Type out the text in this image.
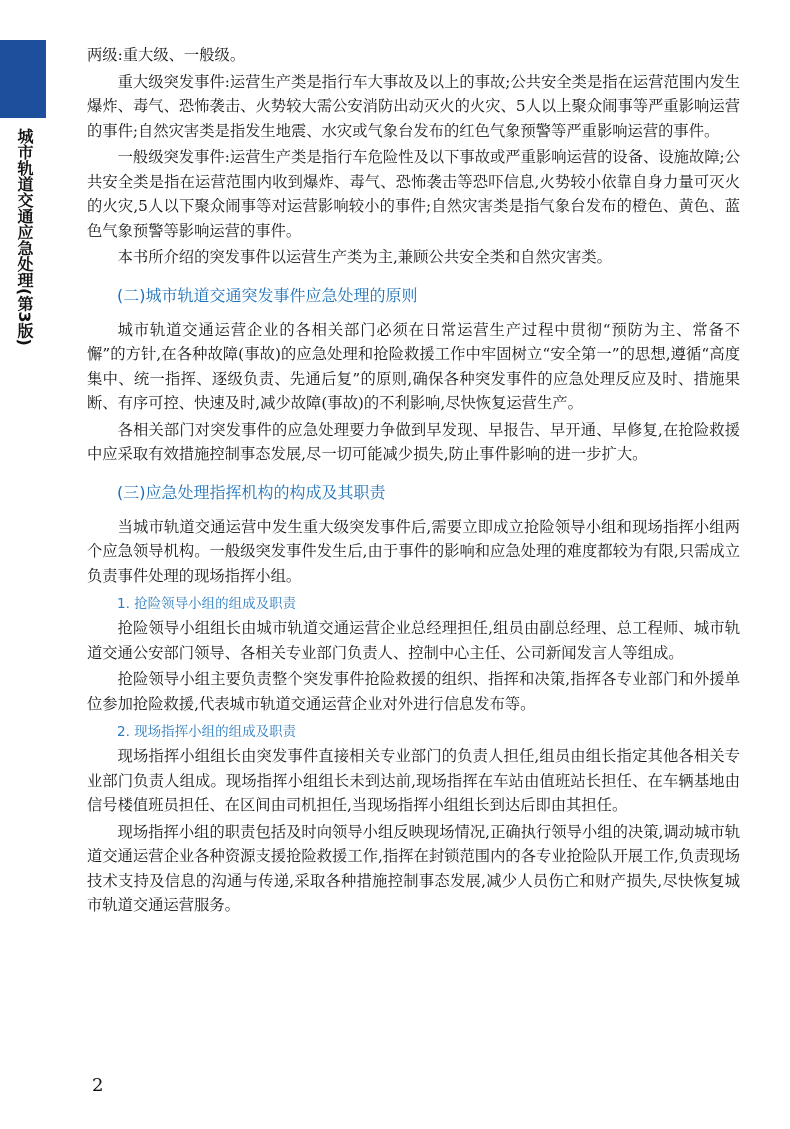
城市轨道交通应急处理(第3版)

两级:重大级、一般级。

重大级突发事件:运营生产类是指行车大事故及以上的事故;公共安全类是指在运营范围内发生爆炸、毒气、恐怖袭击、火势较大需公安消防出动灭火的火灾、5人以上聚众闹事等严重影响运营的事件;自然灾害类是指发生地震、水灾或气象台发布的红色气象预警等严重影响运营的事件。

一般级突发事件:运营生产类是指行车危险性及以下事故或严重影响运营的设备、设施故障;公共安全类是指在运营范围内收到爆炸、毒气、恐怖袭击等恐吓信息,火势较小依靠自身力量可灭火的火灾,5人以下聚众闹事等对运营影响较小的事件;自然灾害类是指气象台发布的橙色、黄色、蓝色气象预警等影响运营的事件。

本书所介绍的突发事件以运营生产类为主,兼顾公共安全类和自然灾害类。

(二)城市轨道交通突发事件应急处理的原则

城市轨道交通运营企业的各相关部门必须在日常运营生产过程中贯彻“预防为主、常备不懈”的方针,在各种故障(事故)的应急处理和抢险救援工作中牢固树立“安全第一”的思想,遵循“高度集中、统一指挥、逐级负责、先通后复”的原则,确保各种突发事件的应急处理反应及时、措施果断、有序可控、快速及时,减少故障(事故)的不利影响,尽快恢复运营生产。

各相关部门对突发事件的应急处理要力争做到早发现、早报告、早开通、早修复,在抢险救援中应采取有效措施控制事态发展,尽一切可能减少损失,防止事件影响的进一步扩大。

(三)应急处理指挥机构的构成及其职责

当城市轨道交通运营中发生重大级突发事件后,需要立即成立抢险领导小组和现场指挥小组两个应急领导机构。一般级突发事件发生后,由于事件的影响和应急处理的难度都较为有限,只需成立负责事件处理的现场指挥小组。

1. 抢险领导小组的组成及职责

抢险领导小组组长由城市轨道交通运营企业总经理担任,组员由副总经理、总工程师、城市轨道交通公安部门领导、各相关专业部门负责人、控制中心主任、公司新闻发言人等组成。

抢险领导小组主要负责整个突发事件抢险救援的组织、指挥和决策,指挥各专业部门和外援单位参加抢险救援,代表城市轨道交通运营企业对外进行信息发布等。

2. 现场指挥小组的组成及职责

现场指挥小组组长由突发事件直接相关专业部门的负责人担任,组员由组长指定其他各相关专业部门负责人组成。现场指挥小组组长未到达前,现场指挥在车站由值班站长担任、在车辆基地由信号楼值班员担任、在区间由司机担任,当现场指挥小组组长到达后即由其担任。

现场指挥小组的职责包括及时向领导小组反映现场情况,正确执行领导小组的决策,调动城市轨道交通运营企业各种资源支援抢险救援工作,指挥在封锁范围内的各专业抢险队开展工作,负责现场技术支持及信息的沟通与传递,采取各种措施控制事态发展,减少人员伤亡和财产损失,尽快恢复城市轨道交通运营服务。

2
